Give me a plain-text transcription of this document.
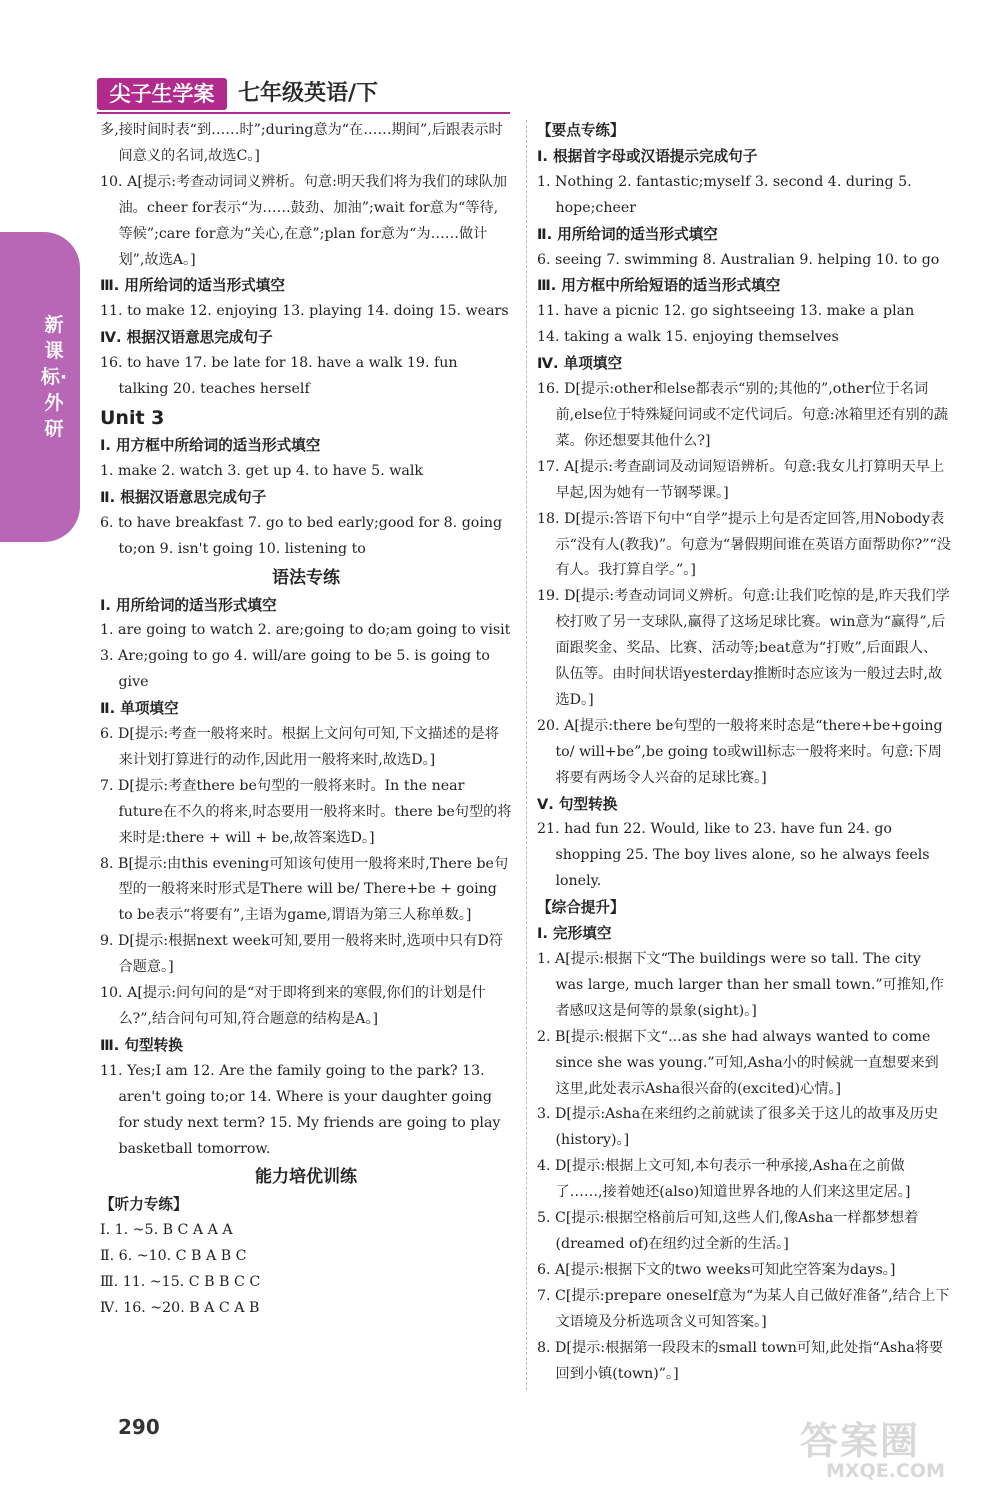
尖子生学案	七年级英语/下
新课标·外研

多,接时间时表“到……时”;during意为“在……期间”,后跟表示时间意义的名词,故选C。]

10. A[提示:考查动词词义辨析。句意:明天我们将为我们的球队加油。cheer for表示“为……鼓劲、加油”;wait for意为“等待,等候”;care for意为“关心,在意”;plan for意为“为……做计划”,故选A。]

Ⅲ. 用所给词的适当形式填空

11. to make 12. enjoying 13. playing 14. doing 15. wears

Ⅳ. 根据汉语意思完成句子

16. to have 17. be late for 18. have a walk 19. fun talking 20. teaches herself

Unit 3

Ⅰ. 用方框中所给词的适当形式填空

1. make 2. watch 3. get up 4. to have 5. walk

Ⅱ. 根据汉语意思完成句子

6. to have breakfast 7. go to bed early;good for 8. going to;on 9. isn't going 10. listening to

语法专练

Ⅰ. 用所给词的适当形式填空

1. are going to watch 2. are;going to do;am going to visit

3. Are;going to go 4. will/are going to be 5. is going to give

Ⅱ. 单项填空

6. D[提示:考查一般将来时。根据上文问句可知,下文描述的是将来计划打算进行的动作,因此用一般将来时,故选D。]

7. D[提示:考查there be句型的一般将来时。In the near future在不久的将来,时态要用一般将来时。there be句型的将来时是:there + will + be,故答案选D。]

8. B[提示:由this evening可知该句使用一般将来时,There be句型的一般将来时形式是There will be/ There+be + going to be表示“将要有”,主语为game,谓语为第三人称单数。]

9. D[提示:根据next week可知,要用一般将来时,选项中只有D符合题意。]

10. A[提示:问句问的是“对于即将到来的寒假,你们的计划是什么?”,结合问句可知,符合题意的结构是A。]

Ⅲ. 句型转换

11. Yes;I am 12. Are the family going to the park? 13. aren't going to;or 14. Where is your daughter going for study next term? 15. My friends are going to play basketball tomorrow.

能力培优训练

【听力专练】

Ⅰ. 1. ~5. B C A A A

Ⅱ. 6. ~10. C B A B C

Ⅲ. 11. ~15. C B B C C

Ⅳ. 16. ~20. B A C A B

【要点专练】

Ⅰ. 根据首字母或汉语提示完成句子

1. Nothing 2. fantastic;myself 3. second 4. during 5. hope;cheer

Ⅱ. 用所给词的适当形式填空

6. seeing 7. swimming 8. Australian 9. helping 10. to go

Ⅲ. 用方框中所给短语的适当形式填空

11. have a picnic 12. go sightseeing 13. make a plan

14. taking a walk 15. enjoying themselves

Ⅳ. 单项填空

16. D[提示:other和else都表示“别的;其他的”,other位于名词前,else位于特殊疑问词或不定代词后。句意:冰箱里还有别的蔬菜。你还想要其他什么?]

17. A[提示:考查副词及动词短语辨析。句意:我女儿打算明天早上早起,因为她有一节钢琴课。]

18. D[提示:答语下句中“自学”提示上句是否定回答,用Nobody表示“没有人(教我)”。句意为“暑假期间谁在英语方面帮助你?”“没有人。我打算自学。”。]

19. D[提示:考查动词词义辨析。句意:让我们吃惊的是,昨天我们学校打败了另一支球队,赢得了这场足球比赛。win意为“赢得”,后面跟奖金、奖品、比赛、活动等;beat意为“打败”,后面跟人、队伍等。由时间状语yesterday推断时态应该为一般过去时,故选D。]

20. A[提示:there be句型的一般将来时态是“there+be+going to/ will+be”,be going to或will标志一般将来时。句意:下周将要有两场令人兴奋的足球比赛。]

Ⅴ. 句型转换

21. had fun 22. Would, like to 23. have fun 24. go shopping 25. The boy lives alone, so he always feels lonely.

【综合提升】

Ⅰ. 完形填空

1. A[提示:根据下文“The buildings were so tall. The city was large, much larger than her small town.”可推知,作者感叹这是何等的景象(sight)。]

2. B[提示:根据下文“...as she had always wanted to come since she was young.”可知,Asha小的时候就一直想要来到这里,此处表示Asha很兴奋的(excited)心情。]

3. D[提示:Asha在来纽约之前就读了很多关于这儿的故事及历史(history)。]

4. D[提示:根据上文可知,本句表示一种承接,Asha在之前做了……,接着她还(also)知道世界各地的人们来这里定居。]

5. C[提示:根据空格前后可知,这些人们,像Asha一样都梦想着(dreamed of)在纽约过全新的生活。]

6. A[提示:根据下文的two weeks可知此空答案为days。]

7. C[提示:prepare oneself意为“为某人自己做好准备”,结合上下文语境及分析选项含义可知答案。]

8. D[提示:根据第一段段末的small town可知,此处指“Asha将要回到小镇(town)”。]

290	答案圈
MXQE.COM
